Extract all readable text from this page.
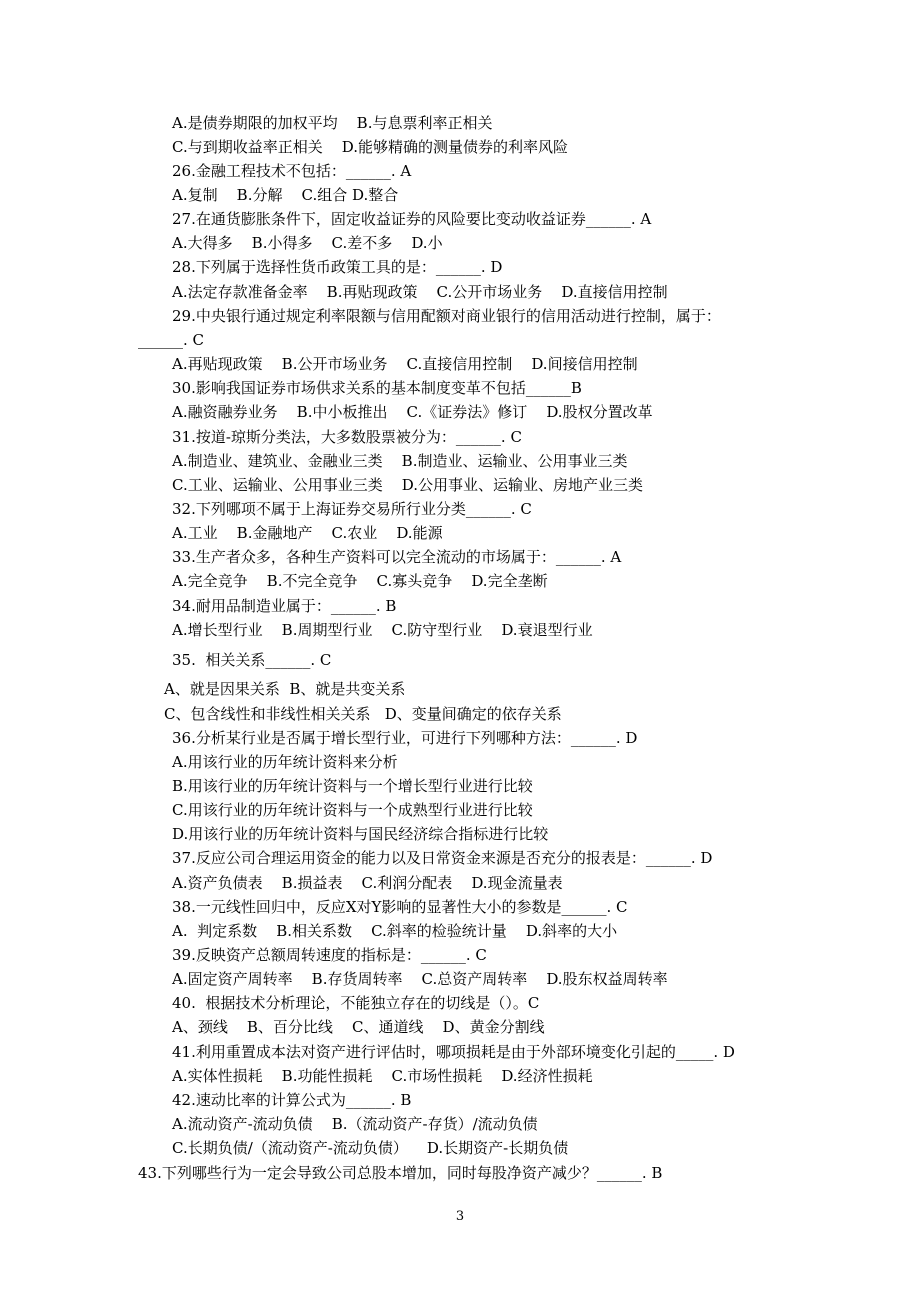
A.是债券期限的加权平均    B.与息票利率正相关
C.与到期收益率正相关    D.能够精确的测量债券的利率风险
26.金融工程技术不包括：______. A
A.复制    B.分解    C.组合 D.整合
27.在通货膨胀条件下，固定收益证券的风险要比变动收益证券______. A
A.大得多    B.小得多    C.差不多    D.小
28.下列属于选择性货币政策工具的是：______. D
A.法定存款准备金率    B.再贴现政策    C.公开市场业务    D.直接信用控制
29.中央银行通过规定利率限额与信用配额对商业银行的信用活动进行控制，属于：
______. C
A.再贴现政策    B.公开市场业务    C.直接信用控制    D.间接信用控制
30.影响我国证券市场供求关系的基本制度变革不包括______B
A.融资融券业务    B.中小板推出    C.《证券法》修订    D.股权分置改革
31.按道-琼斯分类法，大多数股票被分为：______. C
A.制造业、建筑业、金融业三类    B.制造业、运输业、公用事业三类
C.工业、运输业、公用事业三类    D.公用事业、运输业、房地产业三类
32.下列哪项不属于上海证券交易所行业分类______. C
A.工业    B.金融地产    C.农业    D.能源
33.生产者众多，各种生产资料可以完全流动的市场属于：______. A
A.完全竞争    B.不完全竞争    C.寡头竞争    D.完全垄断
34.耐用品制造业属于：______. B
A.增长型行业    B.周期型行业    C.防守型行业    D.衰退型行业
35.  相关关系______. C
A、就是因果关系  B、就是共变关系
C、包含线性和非线性相关关系   D、变量间确定的依存关系
36.分析某行业是否属于增长型行业，可进行下列哪种方法：______. D
A.用该行业的历年统计资料来分析
B.用该行业的历年统计资料与一个增长型行业进行比较
C.用该行业的历年统计资料与一个成熟型行业进行比较
D.用该行业的历年统计资料与国民经济综合指标进行比较
37.反应公司合理运用资金的能力以及日常资金来源是否充分的报表是：______. D
A.资产负债表    B.损益表    C.利润分配表    D.现金流量表
38.一元线性回归中，反应X对Y影响的显著性大小的参数是______. C
A.  判定系数    B.相关系数    C.斜率的检验统计量    D.斜率的大小
39.反映资产总额周转速度的指标是：______. C
A.固定资产周转率    B.存货周转率    C.总资产周转率    D.股东权益周转率
40.  根据技术分析理论，不能独立存在的切线是（）。C
A、颈线    B、百分比线    C、通道线    D、黄金分割线
41.利用重置成本法对资产进行评估时，哪项损耗是由于外部环境变化引起的_____. D
A.实体性损耗    B.功能性损耗    C.市场性损耗    D.经济性损耗
42.速动比率的计算公式为______. B
A.流动资产-流动负债    B.（流动资产-存货）/流动负债
C.长期负债/（流动资产-流动负债）    D.长期资产-长期负债
43.下列哪些行为一定会导致公司总股本增加，同时每股净资产减少？______. B
3
